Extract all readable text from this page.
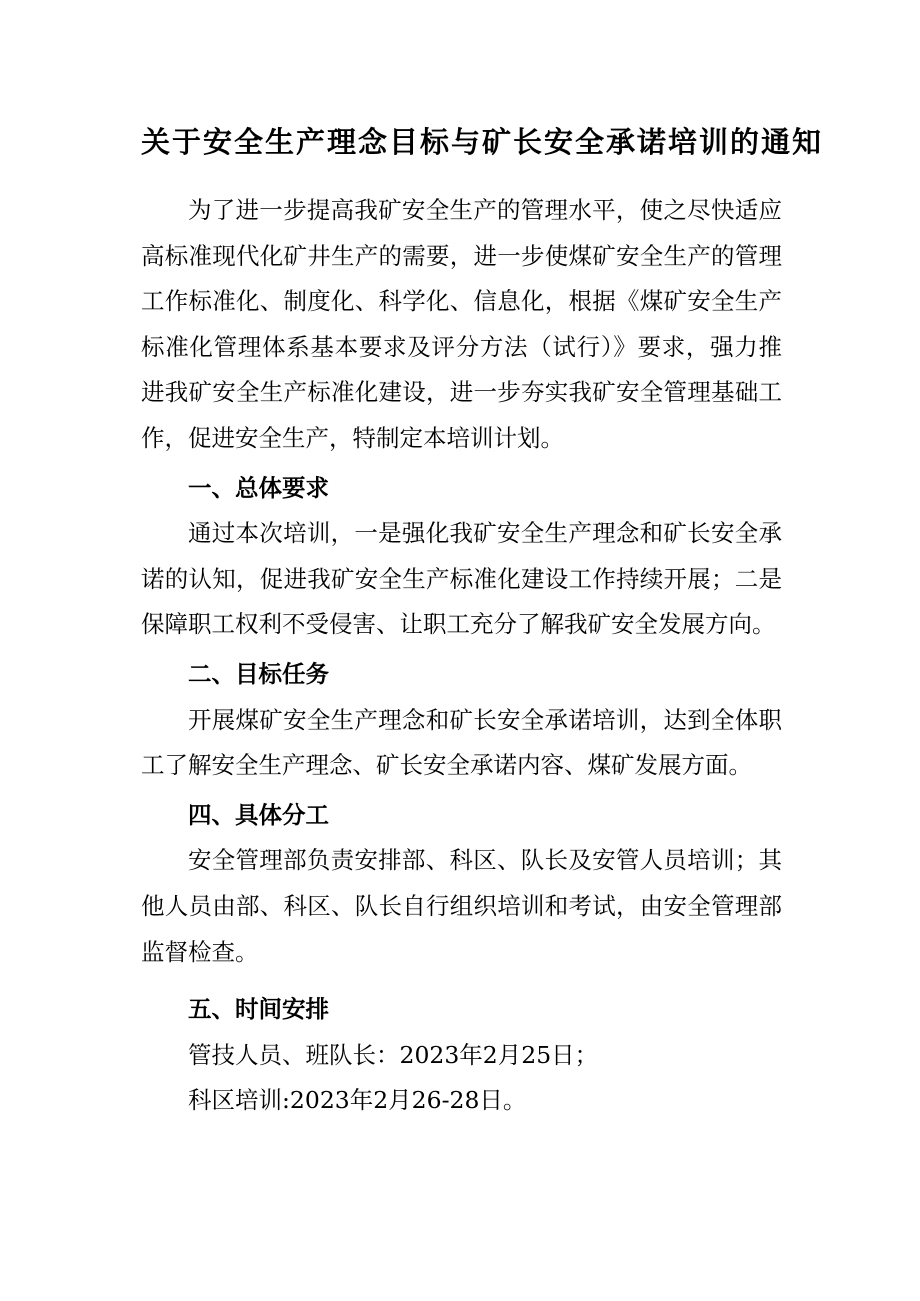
关于安全生产理念目标与矿长安全承诺培训的通知

为了进一步提高我矿安全生产的管理水平，使之尽快适应高标准现代化矿井生产的需要，进一步使煤矿安全生产的管理工作标准化、制度化、科学化、信息化，根据《煤矿安全生产标准化管理体系基本要求及评分方法（试行）》要求，强力推进我矿安全生产标准化建设，进一步夯实我矿安全管理基础工作，促进安全生产，特制定本培训计划。

一、总体要求

通过本次培训，一是强化我矿安全生产理念和矿长安全承诺的认知，促进我矿安全生产标准化建设工作持续开展；二是保障职工权利不受侵害、让职工充分了解我矿安全发展方向。

二、目标任务

开展煤矿安全生产理念和矿长安全承诺培训，达到全体职工了解安全生产理念、矿长安全承诺内容、煤矿发展方面。

四、具体分工

安全管理部负责安排部、科区、队长及安管人员培训；其他人员由部、科区、队长自行组织培训和考试，由安全管理部监督检查。

五、时间安排

管技人员、班队长：2023年2月25日；

科区培训:2023年2月26-28日。
